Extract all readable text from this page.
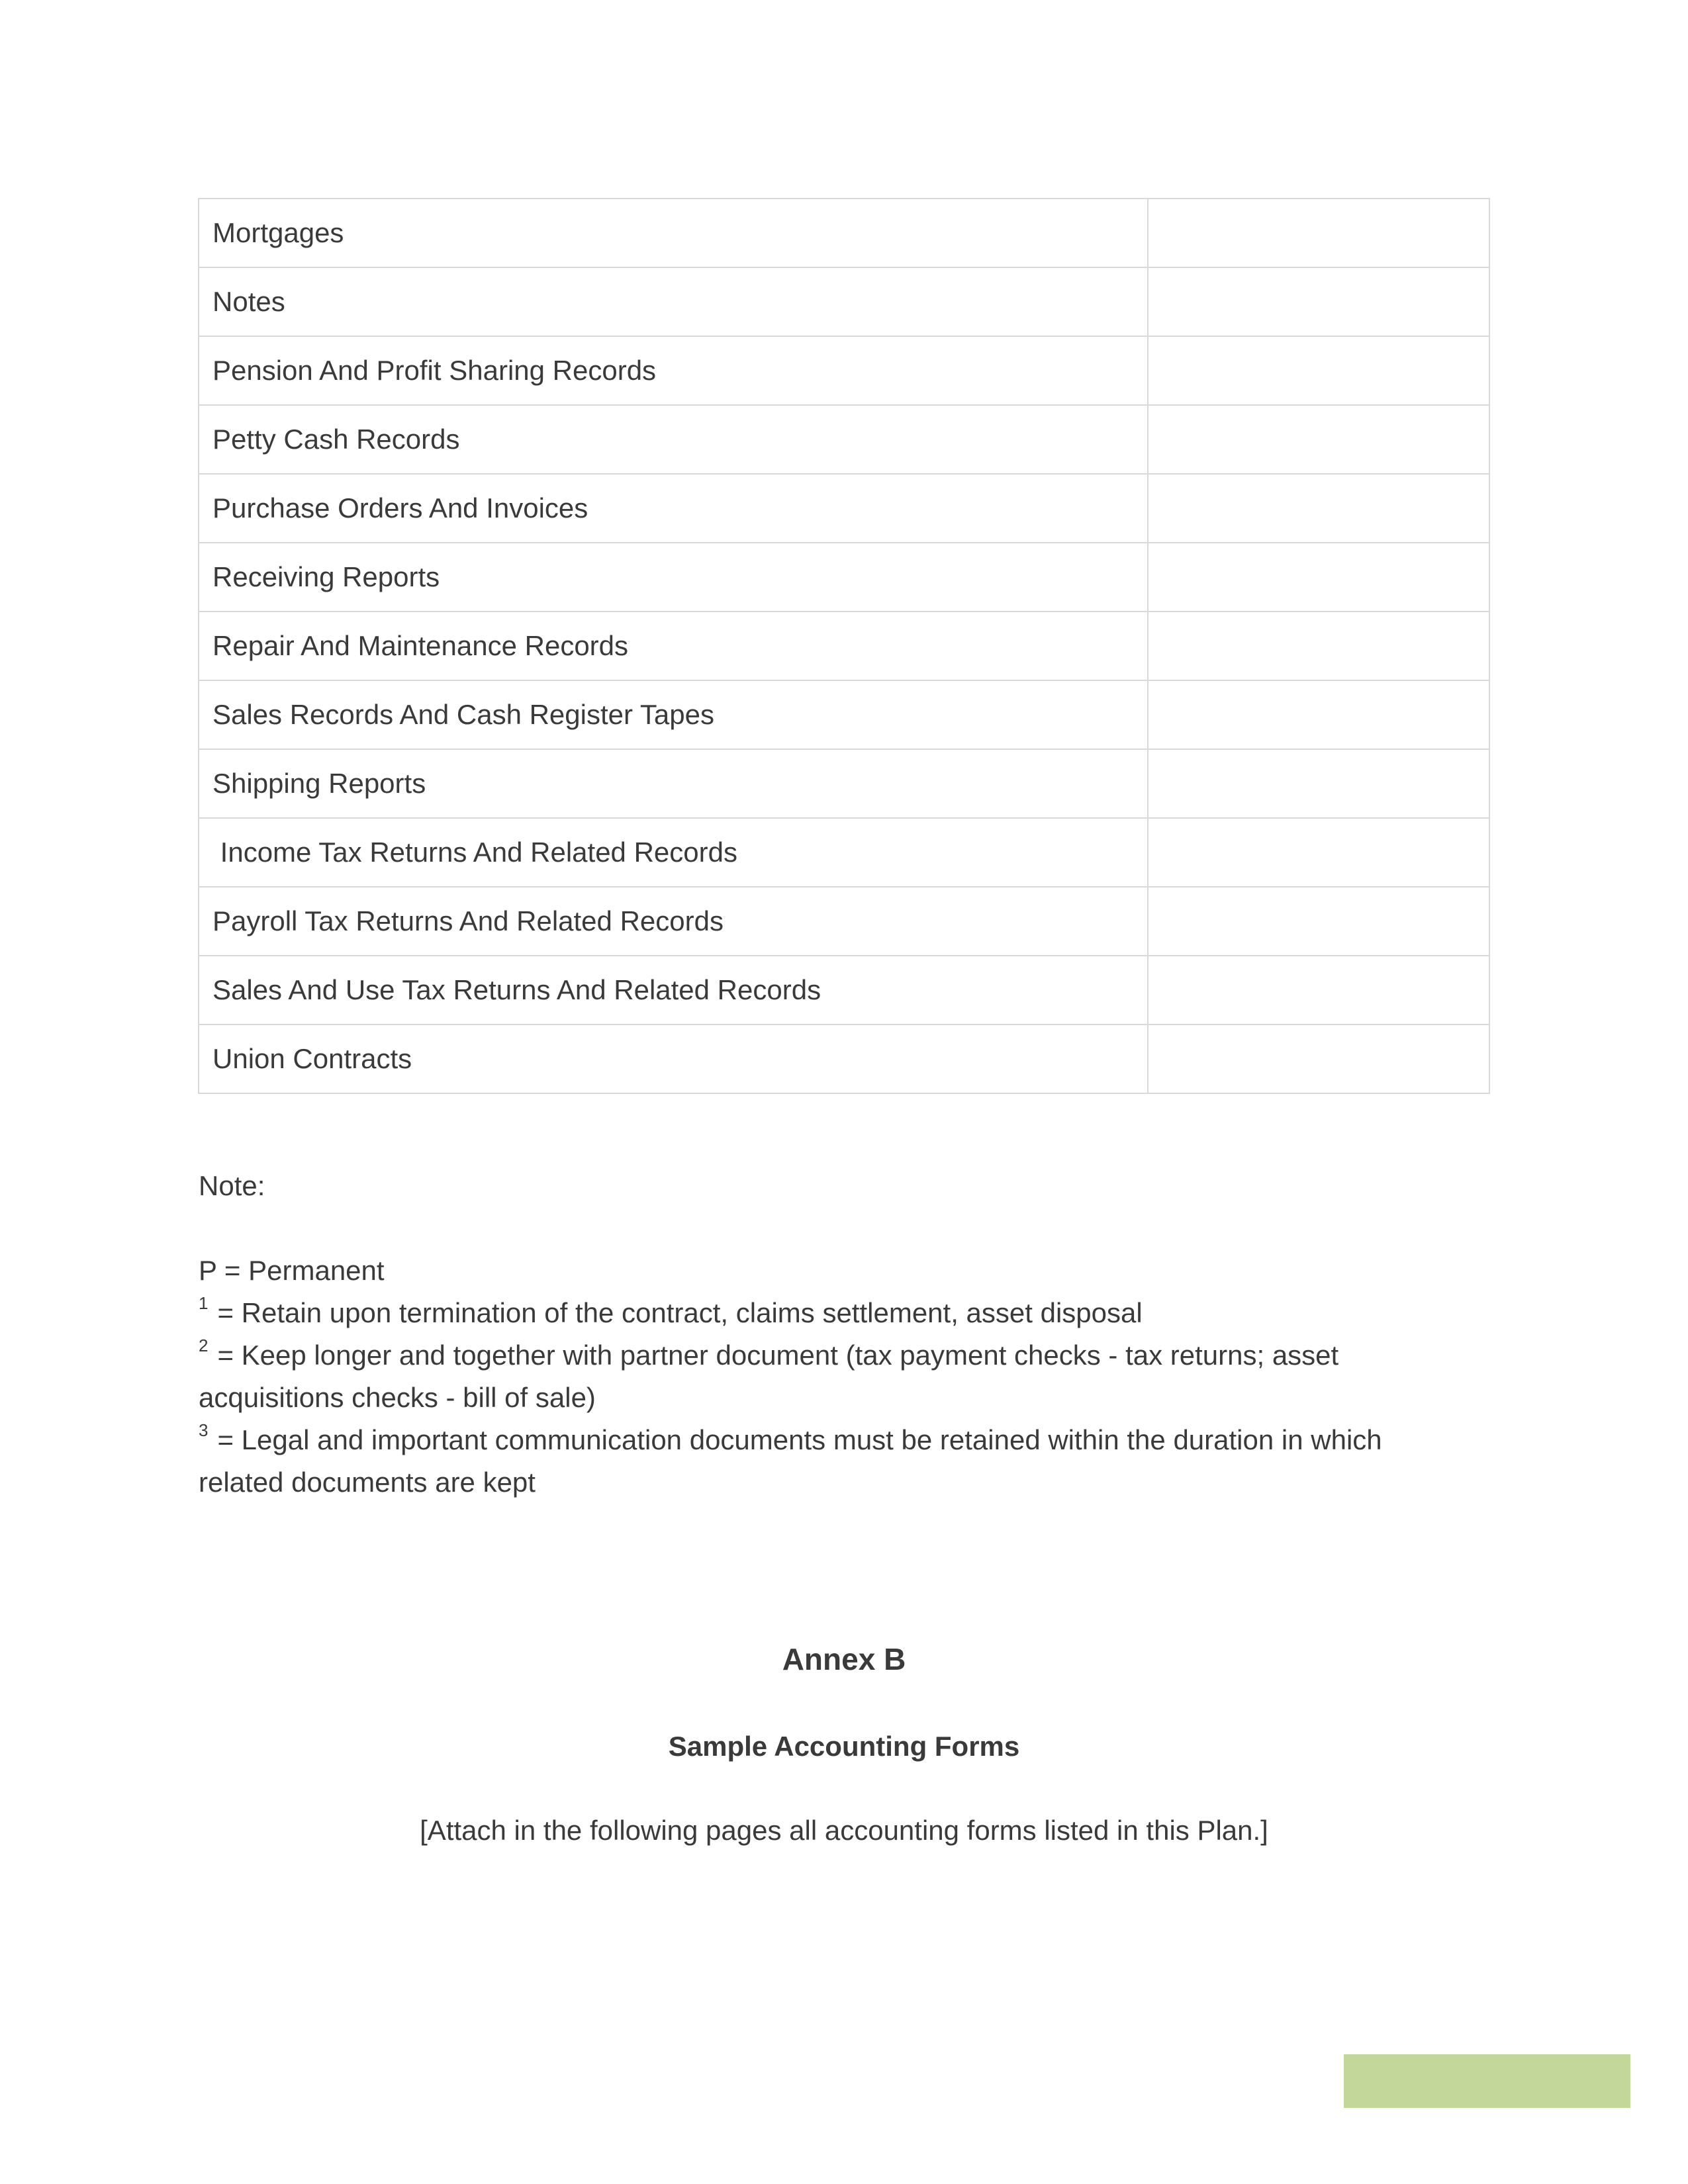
Mortgages	
Notes	
Pension And Profit Sharing Records	
Petty Cash Records	
Purchase Orders And Invoices	
Receiving Reports	
Repair And Maintenance Records	
Sales Records And Cash Register Tapes	
Shipping Reports	
Income Tax Returns And Related Records	
Payroll Tax Returns And Related Records	
Sales And Use Tax Returns And Related Records	
Union Contracts	

Note:

P = Permanent

$^1$ = Retain upon termination of the contract, claims settlement, asset disposal

$^2$ = Keep longer and together with partner document (tax payment checks - tax returns; asset acquisitions checks - bill of sale)

$^3$ = Legal and important communication documents must be retained within the duration in which related documents are kept

Annex B
Sample Accounting Forms
[Attach in the following pages all accounting forms listed in this Plan.]
